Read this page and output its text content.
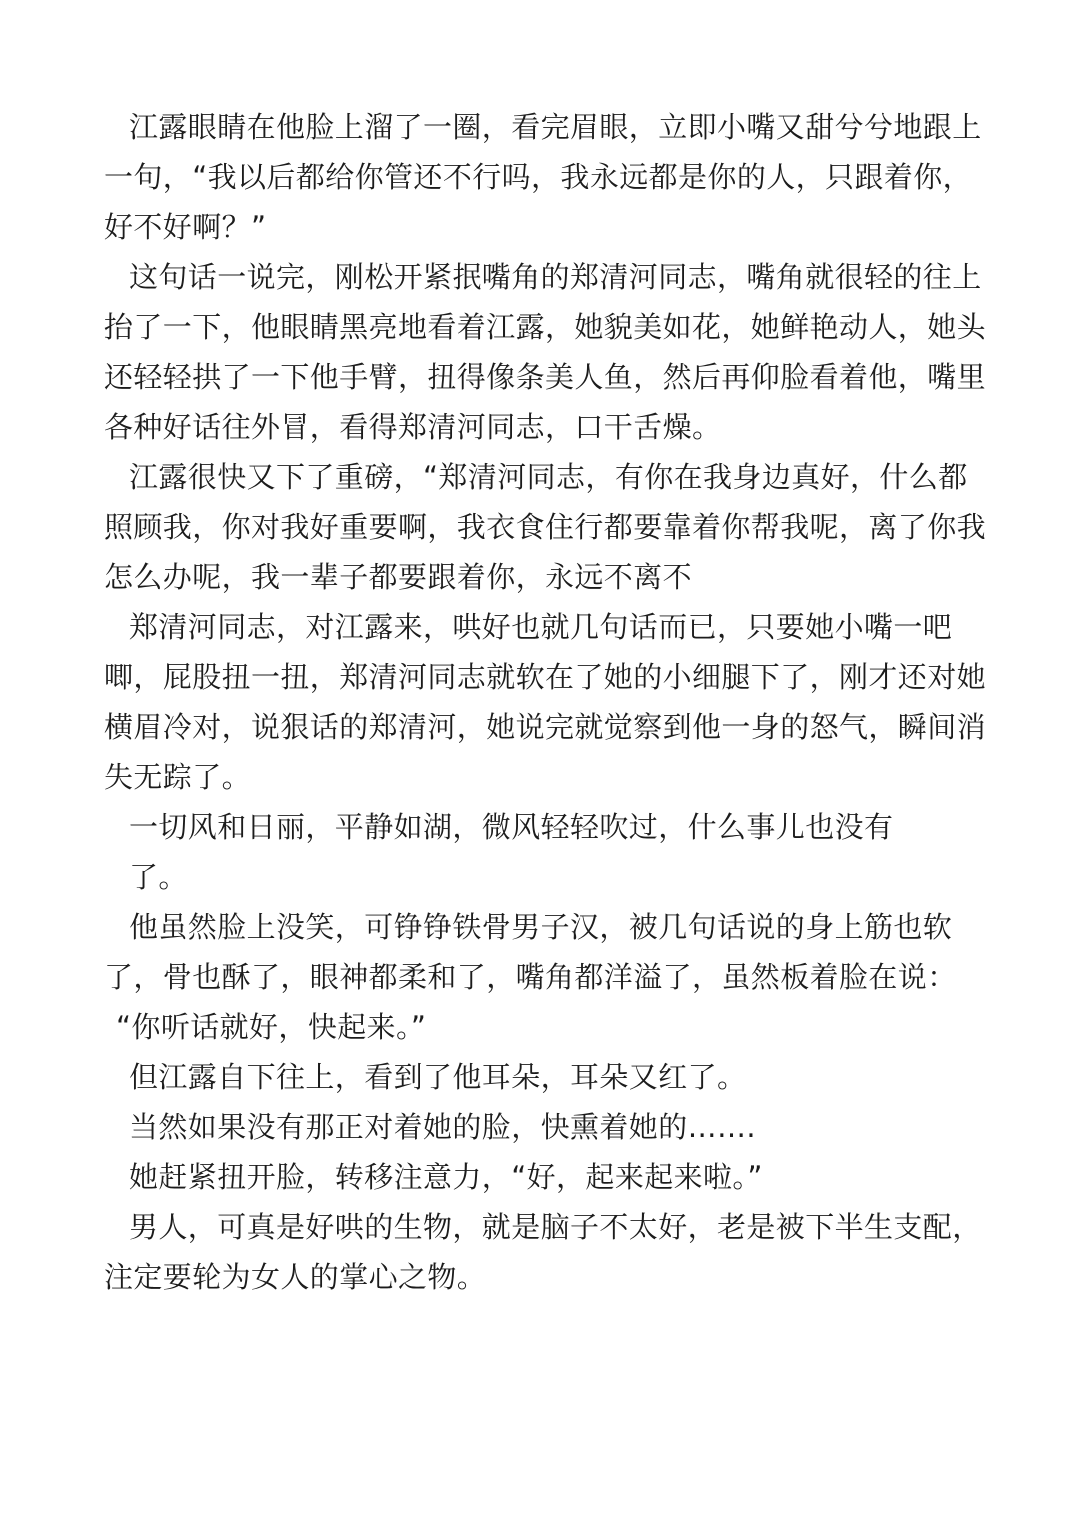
江露眼睛在他脸上溜了一圈，看完眉眼，立即小嘴又甜兮兮地跟上
一句，“我以后都给你管还不行吗，我永远都是你的人，只跟着你，
好不好啊？”
这句话一说完，刚松开紧抿嘴角的郑清河同志，嘴角就很轻的往上
抬了一下，他眼睛黑亮地看着江露，她貌美如花，她鲜艳动人，她头
还轻轻拱了一下他手臂，扭得像条美人鱼，然后再仰脸看着他，嘴里
各种好话往外冒，看得郑清河同志，口干舌燥。
江露很快又下了重磅，“郑清河同志，有你在我身边真好，什么都
照顾我，你对我好重要啊，我衣食住行都要靠着你帮我呢，离了你我
怎么办呢，我一辈子都要跟着你，永远不离不
郑清河同志，对江露来，哄好也就几句话而已，只要她小嘴一吧
唧，屁股扭一扭，郑清河同志就软在了她的小细腿下了，刚才还对她
横眉冷对，说狠话的郑清河，她说完就觉察到他一身的怒气，瞬间消
失无踪了。
一切风和日丽，平静如湖，微风轻轻吹过，什么事儿也没有
了。
他虽然脸上没笑，可铮铮铁骨男子汉，被几句话说的身上筋也软
了，骨也酥了，眼神都柔和了，嘴角都洋溢了，虽然板着脸在说：
“你听话就好，快起来。”
但江露自下往上，看到了他耳朵，耳朵又红了。
当然如果没有那正对着她的脸，快熏着她的…….
她赶紧扭开脸，转移注意力，“好，起来起来啦。”
男人，可真是好哄的生物，就是脑子不太好，老是被下半生支配，
注定要轮为女人的掌心之物。
